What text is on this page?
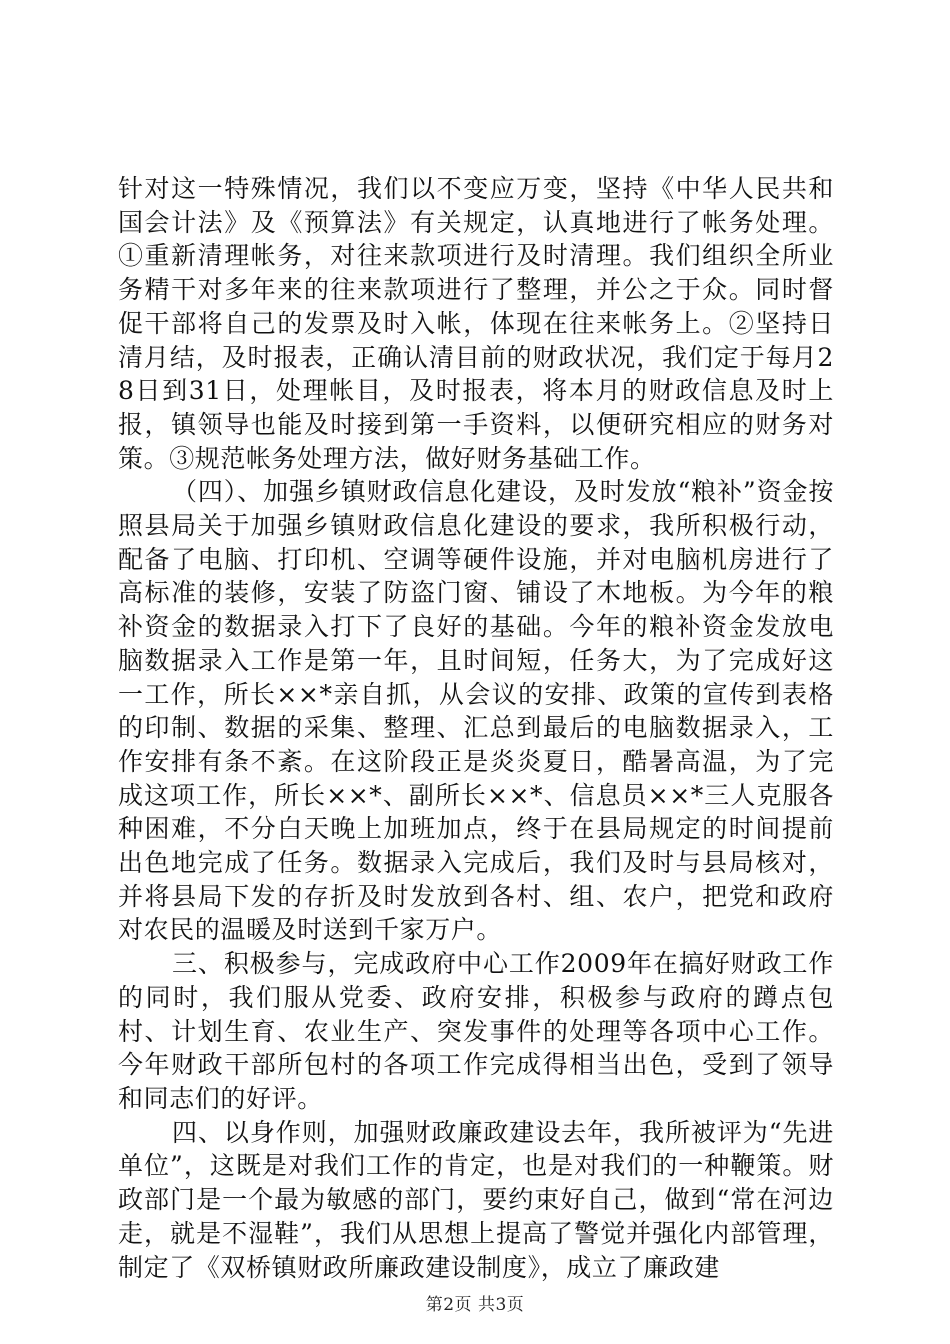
针对这一特殊情况，我们以不变应万变，坚持《中华人民共和国会计法》及《预算法》有关规定，认真地进行了帐务处理。①重新清理帐务，对往来款项进行及时清理。我们组织全所业务精干对多年来的往来款项进行了整理，并公之于众。同时督促干部将自己的发票及时入帐，体现在往来帐务上。②坚持日清月结，及时报表，正确认清目前的财政状况，我们定于每月28日到31日，处理帐目，及时报表，将本月的财政信息及时上报，镇领导也能及时接到第一手资料，以便研究相应的财务对策。③规范帐务处理方法，做好财务基础工作。

（四）、加强乡镇财政信息化建设，及时发放“粮补”资金按照县局关于加强乡镇财政信息化建设的要求，我所积极行动，配备了电脑、打印机、空调等硬件设施，并对电脑机房进行了高标准的装修，安装了防盗门窗、铺设了木地板。为今年的粮补资金的数据录入打下了良好的基础。今年的粮补资金发放电脑数据录入工作是第一年，且时间短，任务大，为了完成好这一工作，所长××*亲自抓，从会议的安排、政策的宣传到表格的印制、数据的采集、整理、汇总到最后的电脑数据录入，工作安排有条不紊。在这阶段正是炎炎夏日，酷暑高温，为了完成这项工作，所长××*、副所长××*、信息员××*三人克服各种困难，不分白天晚上加班加点，终于在县局规定的时间提前出色地完成了任务。数据录入完成后，我们及时与县局核对，并将县局下发的存折及时发放到各村、组、农户，把党和政府对农民的温暖及时送到千家万户。

三、积极参与，完成政府中心工作2009年在搞好财政工作的同时，我们服从党委、政府安排，积极参与政府的蹲点包村、计划生育、农业生产、突发事件的处理等各项中心工作。今年财政干部所包村的各项工作完成得相当出色，受到了领导和同志们的好评。

四、以身作则，加强财政廉政建设去年，我所被评为“先进单位”，这既是对我们工作的肯定，也是对我们的一种鞭策。财政部门是一个最为敏感的部门，要约束好自己，做到“常在河边走，就是不湿鞋”，我们从思想上提高了警觉并强化内部管理，制定了《双桥镇财政所廉政建设制度》，成立了廉政建

第2页 共3页
